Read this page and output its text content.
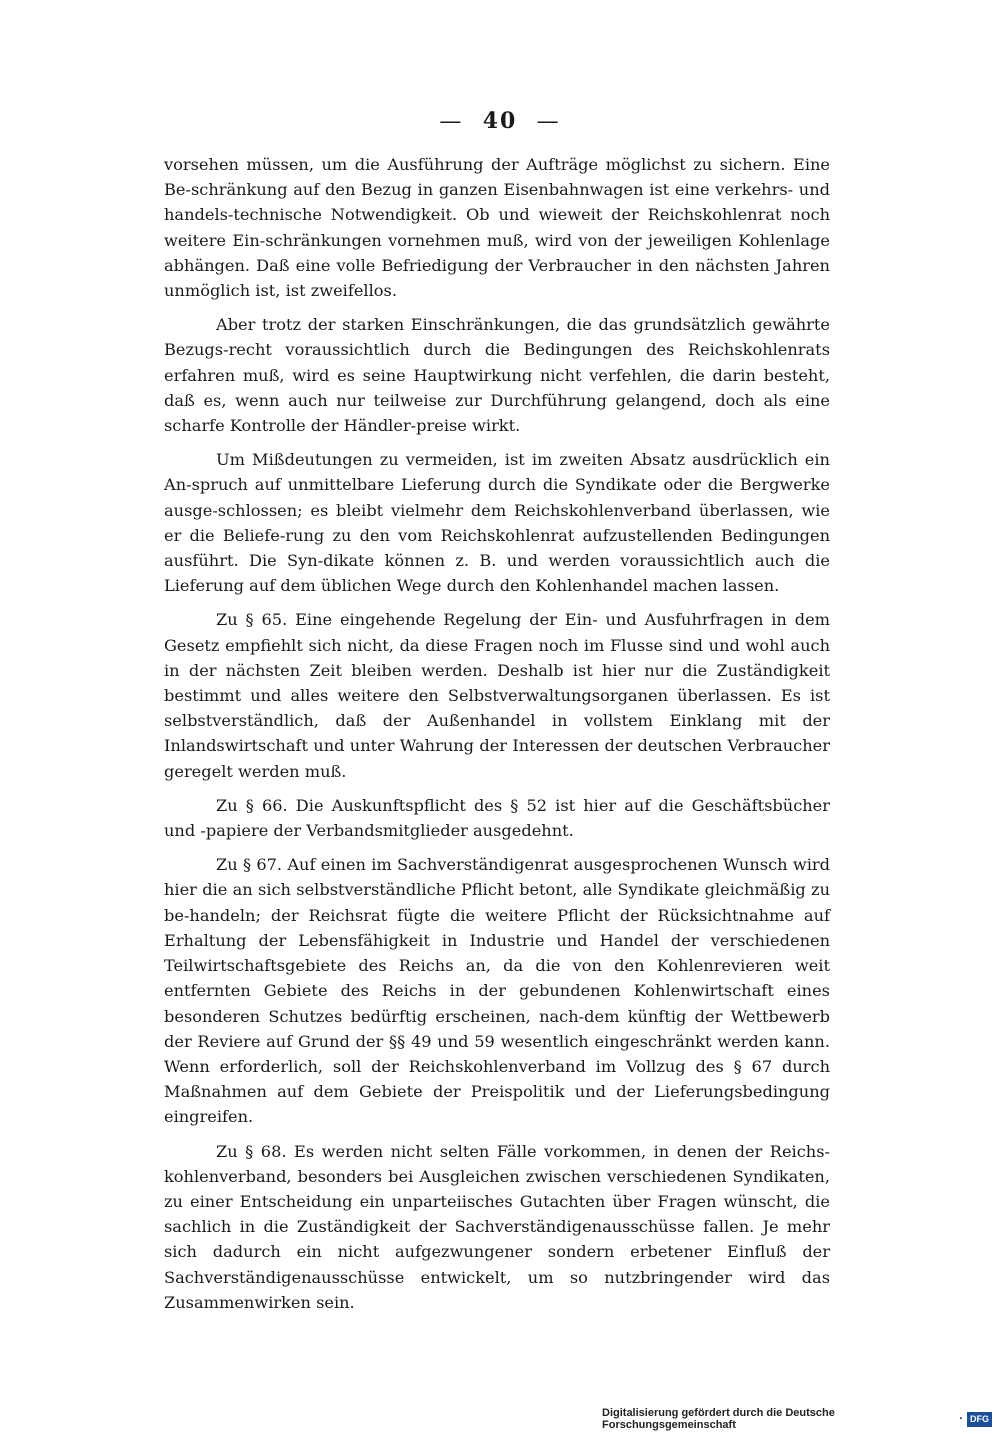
— 40 —

vorsehen müssen, um die Ausführung der Aufträge möglichst zu sichern. Eine Be-schränkung auf den Bezug in ganzen Eisenbahnwagen ist eine verkehrs- und handels-technische Notwendigkeit. Ob und wieweit der Reichskohlenrat noch weitere Ein-schränkungen vornehmen muß, wird von der jeweiligen Kohlenlage abhängen. Daß eine volle Befriedigung der Verbraucher in den nächsten Jahren unmöglich ist, ist zweifellos.

Aber trotz der starken Einschränkungen, die das grundsätzlich gewährte Bezugs-recht voraussichtlich durch die Bedingungen des Reichskohlenrats erfahren muß, wird es seine Hauptwirkung nicht verfehlen, die darin besteht, daß es, wenn auch nur teilweise zur Durchführung gelangend, doch als eine scharfe Kontrolle der Händler-preise wirkt.

Um Mißdeutungen zu vermeiden, ist im zweiten Absatz ausdrücklich ein An-spruch auf unmittelbare Lieferung durch die Syndikate oder die Bergwerke ausge-schlossen; es bleibt vielmehr dem Reichskohlenverband überlassen, wie er die Beliefe-rung zu den vom Reichskohlenrat aufzustellenden Bedingungen ausführt. Die Syn-dikate können z. B. und werden voraussichtlich auch die Lieferung auf dem üblichen Wege durch den Kohlenhandel machen lassen.

Zu § 65. Eine eingehende Regelung der Ein- und Ausfuhrfragen in dem Gesetz empfiehlt sich nicht, da diese Fragen noch im Flusse sind und wohl auch in der nächsten Zeit bleiben werden. Deshalb ist hier nur die Zuständigkeit bestimmt und alles weitere den Selbstverwaltungsorganen überlassen. Es ist selbstverständlich, daß der Außenhandel in vollstem Einklang mit der Inlandswirtschaft und unter Wahrung der Interessen der deutschen Verbraucher geregelt werden muß.

Zu § 66. Die Auskunftspflicht des § 52 ist hier auf die Geschäftsbücher und -papiere der Verbandsmitglieder ausgedehnt.

Zu § 67. Auf einen im Sachverständigenrat ausgesprochenen Wunsch wird hier die an sich selbstverständliche Pflicht betont, alle Syndikate gleichmäßig zu be-handeln; der Reichsrat fügte die weitere Pflicht der Rücksichtnahme auf Erhaltung der Lebensfähigkeit in Industrie und Handel der verschiedenen Teilwirtschaftsgebiete des Reichs an, da die von den Kohlenrevieren weit entfernten Gebiete des Reichs in der gebundenen Kohlenwirtschaft eines besonderen Schutzes bedürftig erscheinen, nach-dem künftig der Wettbewerb der Reviere auf Grund der §§ 49 und 59 wesentlich eingeschränkt werden kann. Wenn erforderlich, soll der Reichskohlenverband im Vollzug des § 67 durch Maßnahmen auf dem Gebiete der Preispolitik und der Lieferungsbedingung eingreifen.

Zu § 68. Es werden nicht selten Fälle vorkommen, in denen der Reichs-kohlenverband, besonders bei Ausgleichen zwischen verschiedenen Syndikaten, zu einer Entscheidung ein unparteiisches Gutachten über Fragen wünscht, die sachlich in die Zuständigkeit der Sachverständigenausschüsse fallen. Je mehr sich dadurch ein nicht aufgezwungener sondern erbetener Einfluß der Sachverständigenausschüsse entwickelt, um so nutzbringender wird das Zusammenwirken sein.

Digitalisierung gefördert durch die Deutsche Forschungsgemeinschaft	· DFG
